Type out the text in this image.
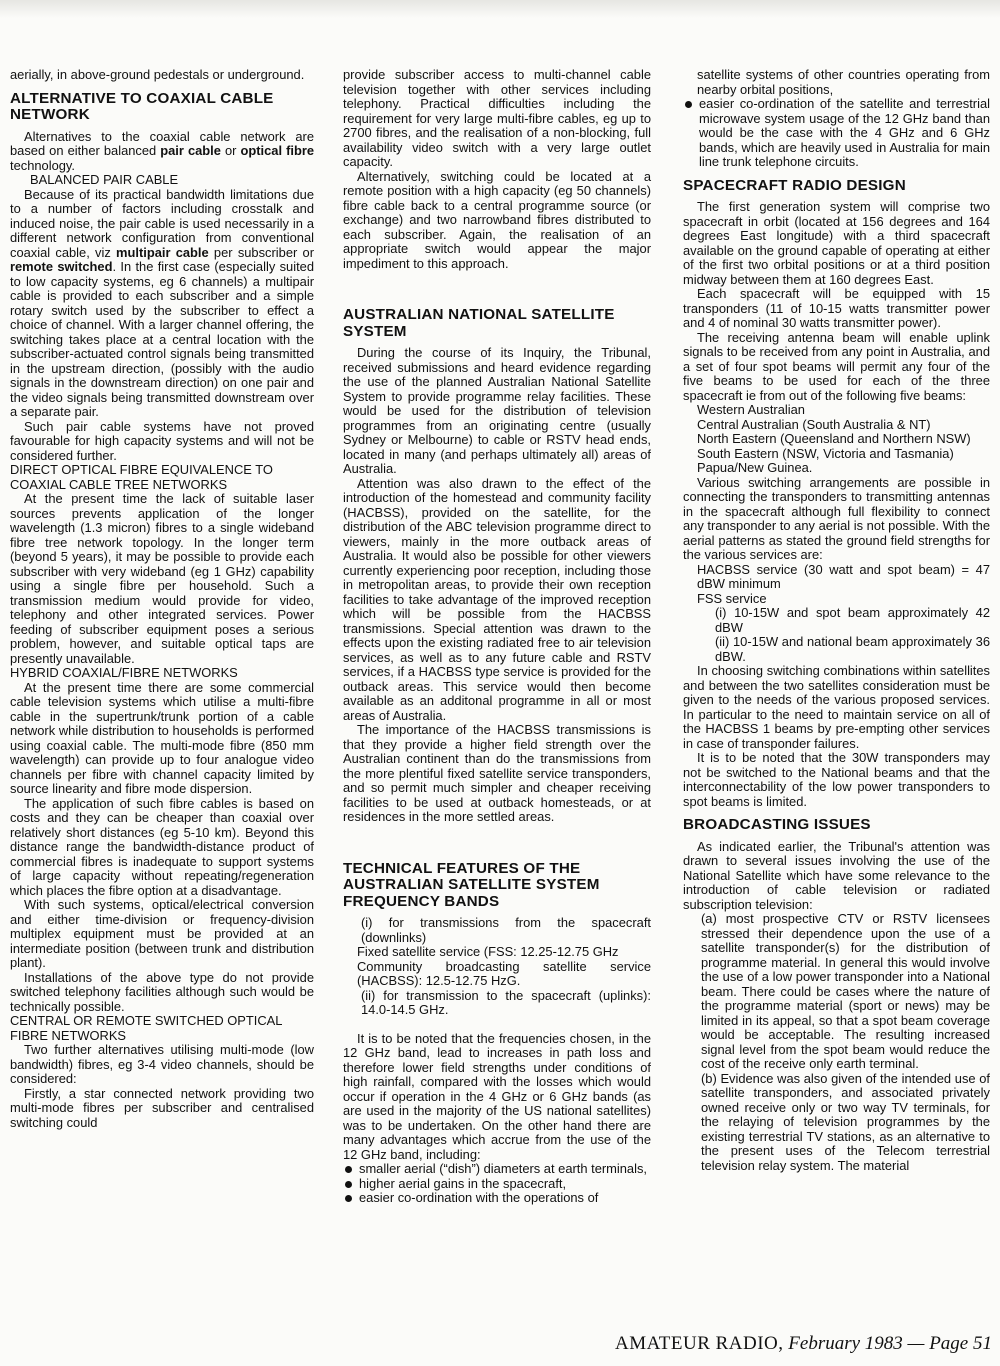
aerially, in above-ground pedestals or underground.

ALTERNATIVE TO COAXIAL CABLE NETWORK

Alternatives to the coaxial cable network are based on either balanced pair cable or optical fibre technology.

BALANCED PAIR CABLE

Because of its practical bandwidth limitations due to a number of factors including crosstalk and induced noise, the pair cable is used necessarily in a different network configuration from conventional coaxial cable, viz multipair cable per subscriber or remote switched. In the first case (especially suited to low capacity systems, eg 6 channels) a multipair cable is provided to each subscriber and a simple rotary switch used by the subscriber to effect a choice of channel. With a larger channel offering, the switching takes place at a central location with the subscriber-actuated control signals being transmitted in the upstream direction, (possibly with the audio signals in the downstream direction) on one pair and the video signals being transmitted downstream over a separate pair.

Such pair cable systems have not proved favourable for high capacity systems and will not be considered further.

DIRECT OPTICAL FIBRE EQUIVALENCE TO COAXIAL CABLE TREE NETWORKS

At the present time the lack of suitable laser sources prevents application of the longer wavelength (1.3 micron) fibres to a single wideband fibre tree network topology. In the longer term (beyond 5 years), it may be possible to provide each subscriber with very wideband (eg 1 GHz) capability using a single fibre per household. Such a transmission medium would provide for video, telephony and other integrated services. Power feeding of subscriber equipment poses a serious problem, however, and suitable optical taps are presently unavailable.

HYBRID COAXIAL/FIBRE NETWORKS

At the present time there are some commercial cable television systems which utilise a multi-fibre cable in the supertrunk/trunk portion of a cable network while distribution to households is performed using coaxial cable. The multi-mode fibre (850 mm wavelength) can provide up to four analogue video channels per fibre with channel capacity limited by source linearity and fibre mode dispersion.

The application of such fibre cables is based on costs and they can be cheaper than coaxial over relatively short distances (eg 5-10 km). Beyond this distance range the bandwidth-distance product of commercial fibres is inadequate to support systems of large capacity without repeating/regeneration which places the fibre option at a disadvantage.

With such systems, optical/electrical conversion and either time-division or frequency-division multiplex equipment must be provided at an intermediate position (between trunk and distribution plant).

Installations of the above type do not provide switched telephony facilities although such would be technically possible.

CENTRAL OR REMOTE SWITCHED OPTICAL FIBRE NETWORKS

Two further alternatives utilising multi-mode (low bandwidth) fibres, eg 3-4 video channels, should be considered:

Firstly, a star connected network providing two multi-mode fibres per subscriber and centralised switching could

provide subscriber access to multi-channel cable television together with other services including telephony. Practical difficulties including the requirement for very large multi-fibre cables, eg up to 2700 fibres, and the realisation of a non-blocking, full availability video switch with a very large outlet capacity.

Alternatively, switching could be located at a remote position with a high capacity (eg 50 channels) fibre cable back to a central programme source (or exchange) and two narrowband fibres distributed to each subscriber. Again, the realisation of an appropriate switch would appear the major impediment to this approach.

AUSTRALIAN NATIONAL SATELLITE SYSTEM

During the course of its Inquiry, the Tribunal, received submissions and heard evidence regarding the use of the planned Australian National Satellite System to provide programme relay facilities. These would be used for the distribution of television programmes from an originating centre (usually Sydney or Melbourne) to cable or RSTV head ends, located in many (and perhaps ultimately all) areas of Australia.

Attention was also drawn to the effect of the introduction of the homestead and community facility (HACBSS), provided on the satellite, for the distribution of the ABC television programme direct to viewers, mainly in the more outback areas of Australia. It would also be possible for other viewers currently experiencing poor reception, including those in metropolitan areas, to provide their own reception facilities to take advantage of the improved reception which will be possible from the HACBSS transmissions. Special attention was drawn to the effects upon the existing radiated free to air television services, as well as to any future cable and RSTV services, if a HACBSS type service is provided for the outback areas. This service would then become available as an additonal programme in all or most areas of Australia.

The importance of the HACBSS transmissions is that they provide a higher field strength over the Australian continent than do the transmissions from the more plentiful fixed satellite service transponders, and so permit much simpler and cheaper receiving facilities to be used at outback homesteads, or at residences in the more settled areas.

TECHNICAL FEATURES OF THE AUSTRALIAN SATELLITE SYSTEM FREQUENCY BANDS

(i) for transmissions from the spacecraft (downlinks)

Fixed satellite service (FSS: 12.25-12.75 GHz

Community broadcasting satellite service (HACBSS): 12.5-12.75 HzG.

(ii) for transmission to the spacecraft (uplinks): 14.0-14.5 GHz.

It is to be noted that the frequencies chosen, in the 12 GHz band, lead to increases in path loss and therefore lower field strengths under conditions of high rainfall, compared with the losses which would occur if operation in the 4 GHz or 6 GHz bands (as are used in the majority of the US national satellites) was to be undertaken. On the other hand there are many advantages which accrue from the use of the 12 GHz band, including:

smaller aerial (“dish”) diameters at earth terminals,

higher aerial gains in the spacecraft,

easier co-ordination with the operations of

satellite systems of other countries operating from nearby orbital positions,

easier co-ordination of the satellite and terrestrial microwave system usage of the 12 GHz band than would be the case with the 4 GHz and 6 GHz bands, which are heavily used in Australia for main line trunk telephone circuits.

SPACECRAFT RADIO DESIGN

The first generation system will comprise two spacecraft in orbit (located at 156 degrees and 164 degrees East longitude) with a third spacecraft available on the ground capable of operating at either of the first two orbital positions or at a third position midway between them at 160 degrees East.

Each spacecraft will be equipped with 15 transponders (11 of 10-15 watts transmitter power and 4 of nominal 30 watts transmitter power).

The receiving antenna beam will enable uplink signals to be received from any point in Australia, and a set of four spot beams will permit any four of the five beams to be used for each of the three spacecraft ie from out of the following five beams:

Western Australian

Central Australian (South Australia & NT)

North Eastern (Queensland and Northern NSW)

South Eastern (NSW, Victoria and Tasmania)

Papua/New Guinea.

Various switching arrangements are possible in connecting the transponders to transmitting antennas in the spacecraft although full flexibility to connect any transponder to any aerial is not possible. With the aerial patterns as stated the ground field strengths for the various services are:

HACBSS service (30 watt and spot beam) = 47 dBW minimum

FSS service

(i) 10-15W and spot beam approximately 42 dBW

(ii) 10-15W and national beam approximately 36 dBW.

In choosing switching combinations within satellites and between the two satellites consideration must be given to the needs of the various proposed services. In particular to the need to maintain service on all of the HACBSS 1 beams by pre-empting other services in case of transponder failures.

It is to be noted that the 30W transponders may not be switched to the National beams and that the interconnectability of the low power transponders to spot beams is limited.

BROADCASTING ISSUES

As indicated earlier, the Tribunal's attention was drawn to several issues involving the use of the National Satellite which have some relevance to the introduction of cable television or radiated subscription television:

(a) most prospective CTV or RSTV licensees stressed their dependence upon the use of a satellite transponder(s) for the distribution of programme material. In general this would involve the use of a low power transponder into a National beam. There could be cases where the nature of the programme material (sport or news) may be limited in its appeal, so that a spot beam coverage would be acceptable. The resulting increased signal level from the spot beam would reduce the cost of the receive only earth terminal.

(b) Evidence was also given of the intended use of satellite transponders, and associated privately owned receive only or two way TV terminals, for the relaying of television programmes by the existing terrestrial TV stations, as an alternative to the present uses of the Telecom terrestrial television relay system. The material

AMATEUR RADIO, February 1983 — Page 51
